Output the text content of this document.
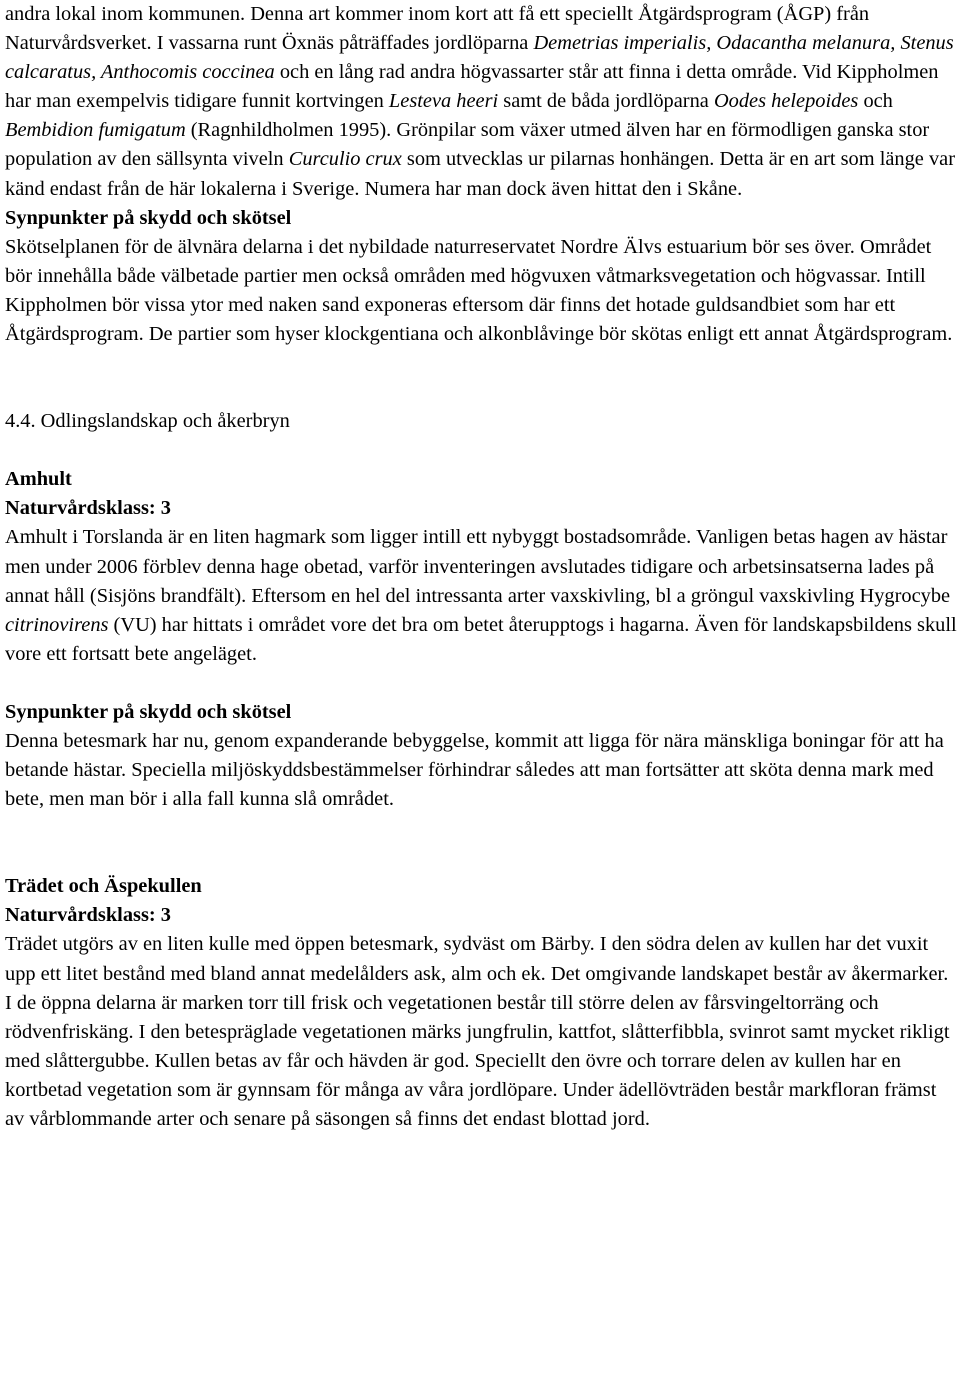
andra lokal inom kommunen. Denna art kommer inom kort att få ett speciellt Åtgärdsprogram (ÅGP) från Naturvårdsverket. I vassarna runt Öxnäs påträffades jordlöparna Demetrias imperialis, Odacantha melanura, Stenus calcaratus, Anthocomis coccinea och en lång rad andra högvassarter står att finna i detta område. Vid Kippholmen har man exempelvis tidigare funnit kortvingen Lesteva heeri samt de båda jordlöparna Oodes helepoides och Bembidion fumigatum (Ragnhildholmen 1995). Grönpilar som växer utmed älven har en förmodligen ganska stor population av den sällsynta viveln Curculio crux som utvecklas ur pilarnas honhängen. Detta är en art som länge var känd endast från de här lokalerna i Sverige. Numera har man dock även hittat den i Skåne.

Synpunkter på skydd och skötsel

Skötselplanen för de älvnära delarna i det nybildade naturreservatet Nordre Älvs estuarium bör ses över. Området bör innehålla både välbetade partier men också områden med högvuxen våtmarksvegetation och högvassar. Intill Kippholmen bör vissa ytor med naken sand exponeras eftersom där finns det hotade guldsandbiet som har ett Åtgärdsprogram. De partier som hyser klockgentiana och alkonblåvinge bör skötas enligt ett annat Åtgärdsprogram.

4.4. Odlingslandskap och åkerbryn

Amhult

Naturvårdsklass: 3

Amhult i Torslanda är en liten hagmark som ligger intill ett nybyggt bostadsområde. Vanligen betas hagen av hästar men under 2006 förblev denna hage obetad, varför inventeringen avslutades tidigare och arbetsinsatserna lades på annat håll (Sisjöns brandfält). Eftersom en hel del intressanta arter vaxskivling, bl a gröngul vaxskivling Hygrocybe citrinovirens (VU) har hittats i området vore det bra om betet återupptogs i hagarna. Även för landskapsbildens skull vore ett fortsatt bete angeläget.

Synpunkter på skydd och skötsel

Denna betesmark har nu, genom expanderande bebyggelse, kommit att ligga för nära mänskliga boningar för att ha betande hästar. Speciella miljöskyddsbestämmelser förhindrar således att man fortsätter att sköta denna mark med bete, men man bör i alla fall kunna slå området.

Trädet och Äspekullen

Naturvårdsklass: 3

Trädet utgörs av en liten kulle med öppen betesmark, sydväst om Bärby. I den södra delen av kullen har det vuxit upp ett litet bestånd med bland annat medelålders ask, alm och ek. Det omgivande landskapet består av åkermarker. I de öppna delarna är marken torr till frisk och vegetationen består till större delen av fårsvingeltorräng och rödvenfriskäng. I den betespräglade vegetationen märks jungfrulin, kattfot, slåtterfibbla, svinrot samt mycket rikligt med slåttergubbe. Kullen betas av får och hävden är god. Speciellt den övre och torrare delen av kullen har en kortbetad vegetation som är gynnsam för många av våra jordlöpare. Under ädellövträden består markfloran främst av vårblommande arter och senare på säsongen så finns det endast blottad jord.
